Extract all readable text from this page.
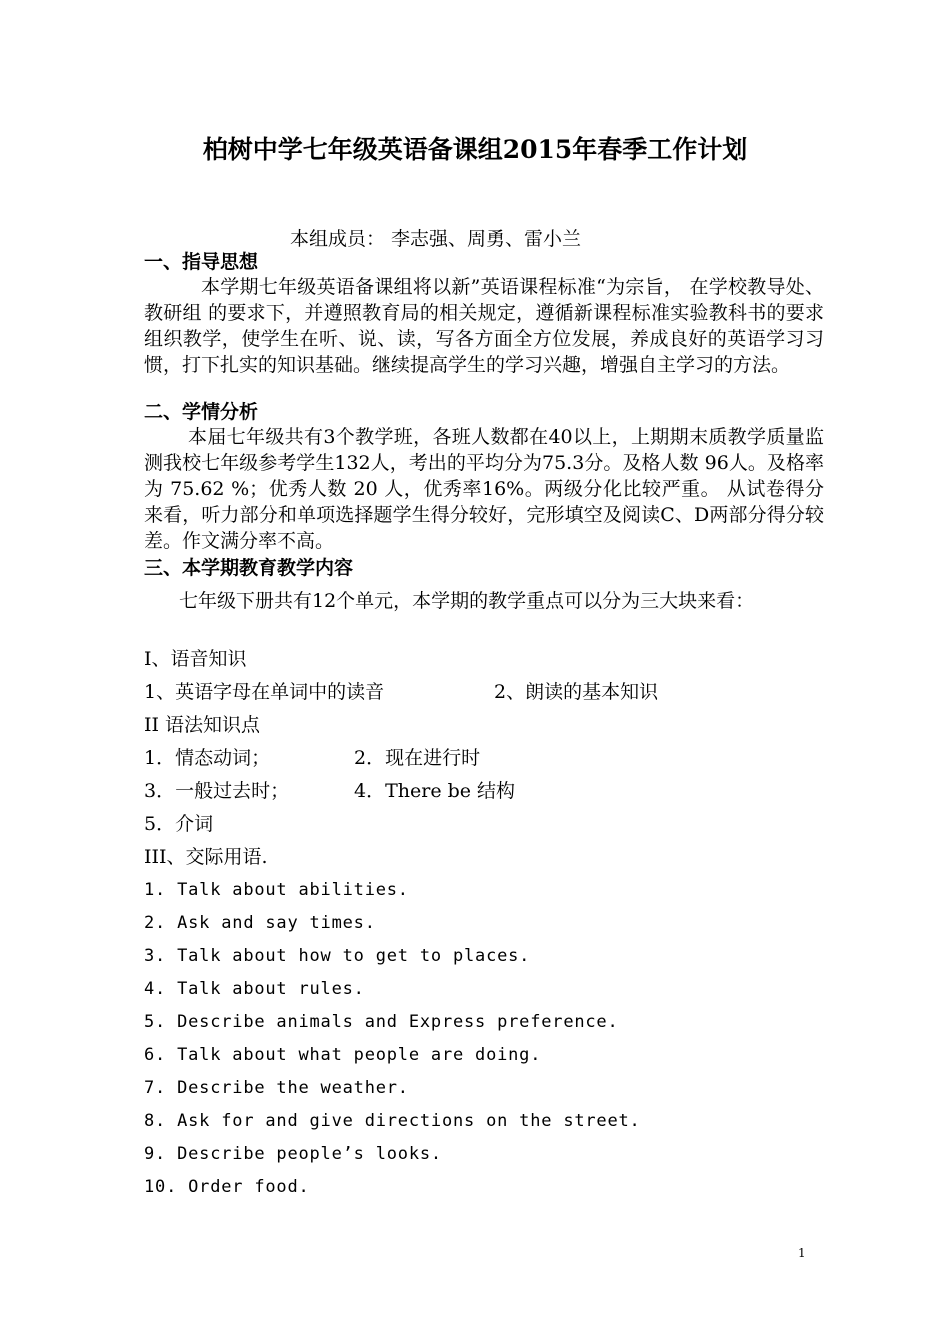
柏树中学七年级英语备课组2015年春季工作计划
本组成员： 李志强、周勇、雷小兰
一、指导思想
本学期七年级英语备课组将以新”英语课程标准“为宗旨， 在学校教导处、教研组 的要求下，并遵照教育局的相关规定，遵循新课程标准实验教科书的要求组织教学，使学生在听、说、读，写各方面全方位发展，养成良好的英语学习习惯，打下扎实的知识基础。继续提高学生的学习兴趣，增强自主学习的方法。
二、学情分析
本届七年级共有3个教学班，各班人数都在40以上，上期期末质教学质量监测我校七年级参考学生132人，考出的平均分为75.3分。及格人数 96人。及格率为 75.62 %；优秀人数 20 人，优秀率16%。两级分化比较严重。 从试卷得分来看，听力部分和单项选择题学生得分较好，完形填空及阅读C、D两部分得分较差。作文满分率不高。
三、本学期教育教学内容
七年级下册共有12个单元，本学期的教学重点可以分为三大块来看：
I、语音知识
1、英语字母在单词中的读音	2、朗读的基本知识
II 语法知识点
1．情态动词；	2．现在进行时
3．一般过去时；	4．There be 结构
5．介词
III、交际用语.
1. Talk about abilities.
2. Ask and say times.
3. Talk about how to get to places.
4. Talk about rules.
5. Describe animals and Express preference.
6. Talk about what people are doing.
7. Describe the weather.
8. Ask for and give directions on the street.
9. Describe people’s looks.
10. Order food.
1
